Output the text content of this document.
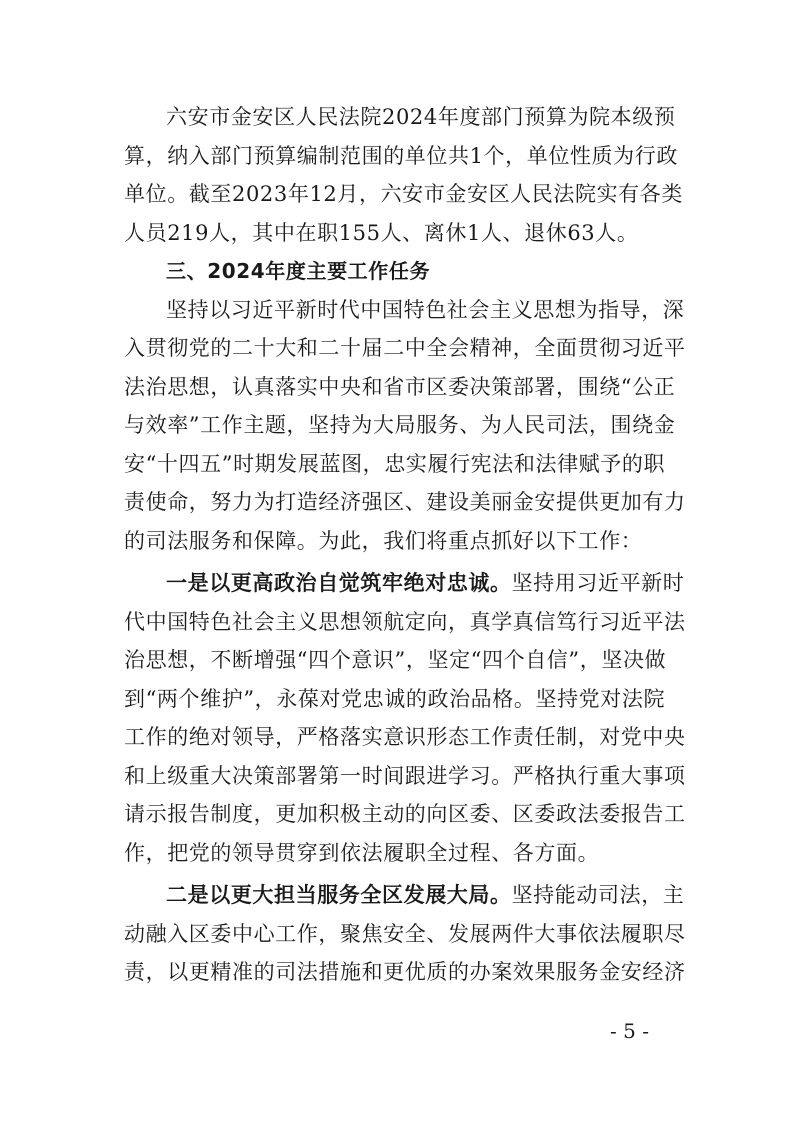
六安市金安区人民法院2024年度部门预算为院本级预
算，纳入部门预算编制范围的单位共1个，单位性质为行政
单位。截至2023年12月，六安市金安区人民法院实有各类
人员219人，其中在职155人、离休1人、退休63人。
三、2024年度主要工作任务
坚持以习近平新时代中国特色社会主义思想为指导，深
入贯彻党的二十大和二十届二中全会精神，全面贯彻习近平
法治思想，认真落实中央和省市区委决策部署，围绕“公正
与效率”工作主题，坚持为大局服务、为人民司法，围绕金
安“十四五”时期发展蓝图，忠实履行宪法和法律赋予的职
责使命，努力为打造经济强区、建设美丽金安提供更加有力
的司法服务和保障。为此，我们将重点抓好以下工作：
一是以更高政治自觉筑牢绝对忠诚。坚持用习近平新时
代中国特色社会主义思想领航定向，真学真信笃行习近平法
治思想，不断增强“四个意识”，坚定“四个自信”，坚决做
到“两个维护”，永葆对党忠诚的政治品格。坚持党对法院
工作的绝对领导，严格落实意识形态工作责任制，对党中央
和上级重大决策部署第一时间跟进学习。严格执行重大事项
请示报告制度，更加积极主动的向区委、区委政法委报告工
作，把党的领导贯穿到依法履职全过程、各方面。
二是以更大担当服务全区发展大局。坚持能动司法，主
动融入区委中心工作，聚焦安全、发展两件大事依法履职尽
责，以更精准的司法措施和更优质的办案效果服务金安经济
- 5 -
